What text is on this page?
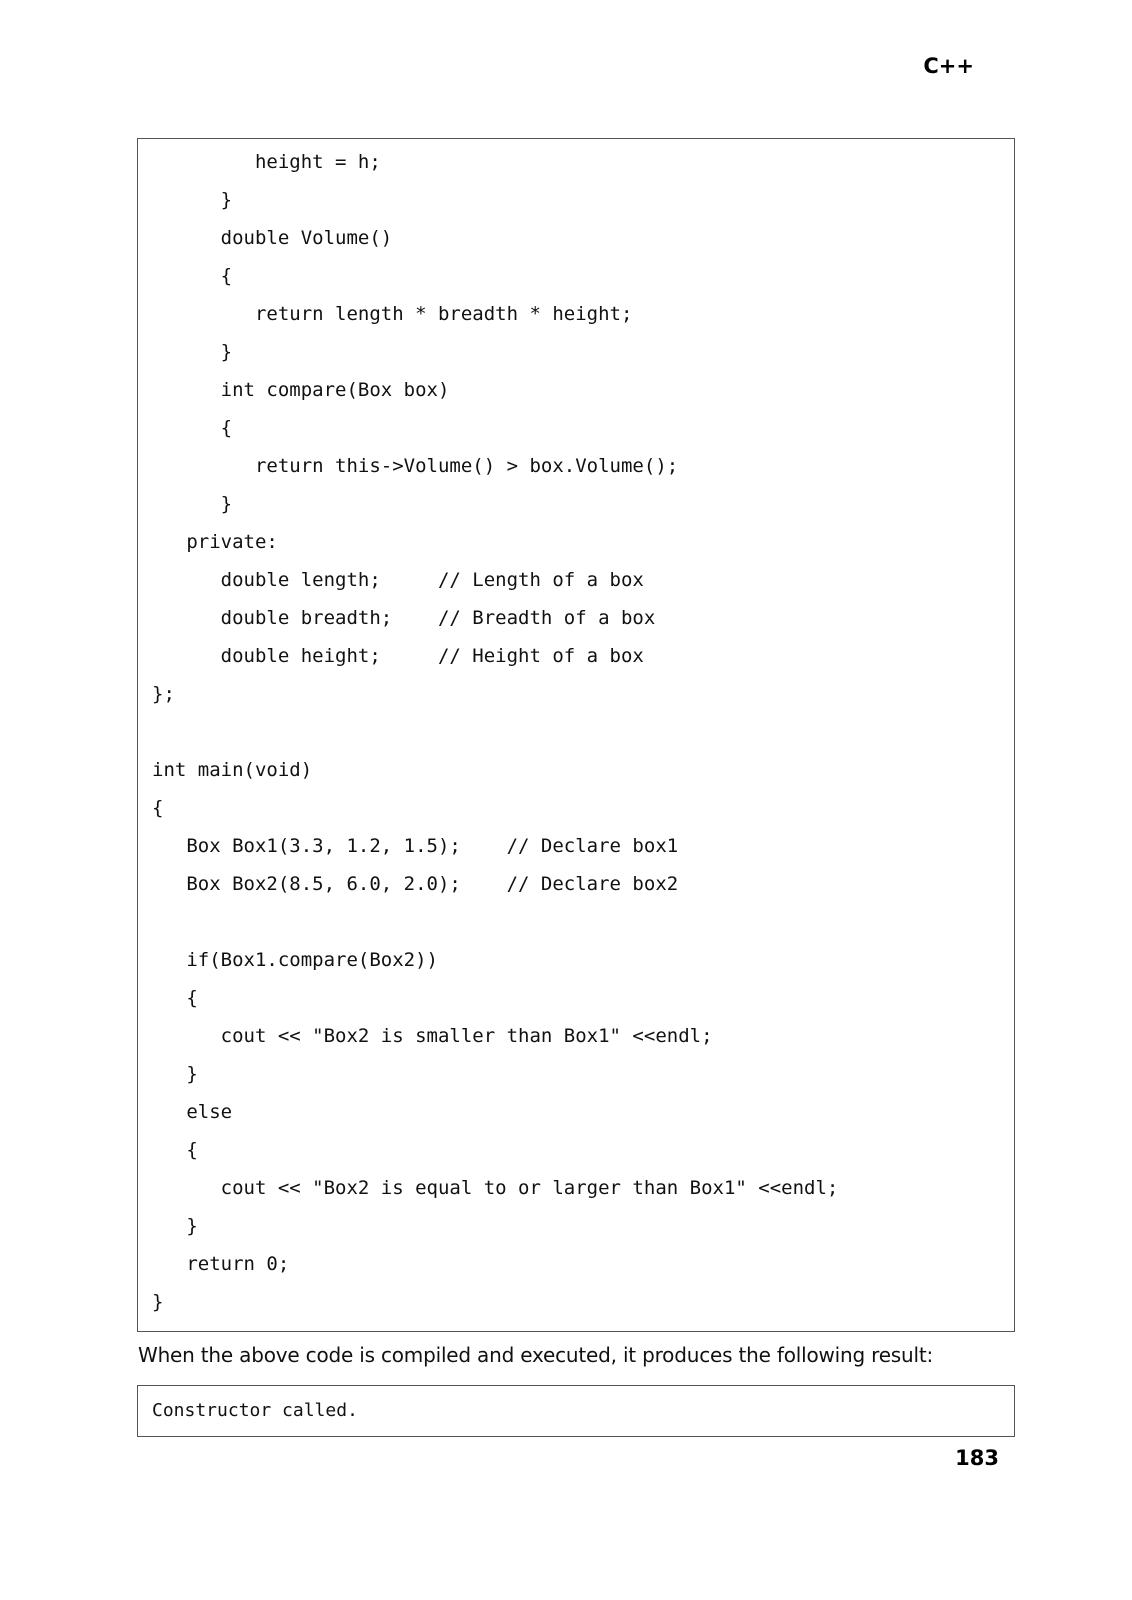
C++
height = h;
}
double Volume()
{
return length * breadth * height;
}
int compare(Box box)
{
return this->Volume() > box.Volume();
}
private:
double length;     // Length of a box
double breadth;    // Breadth of a box
double height;     // Height of a box
};
int main(void)
{
Box Box1(3.3, 1.2, 1.5);    // Declare box1
Box Box2(8.5, 6.0, 2.0);    // Declare box2
if(Box1.compare(Box2))
{
cout << "Box2 is smaller than Box1" <<endl;
}
else
{
cout << "Box2 is equal to or larger than Box1" <<endl;
}
return 0;
}
When the above code is compiled and executed, it produces the following result:
Constructor called.
183
